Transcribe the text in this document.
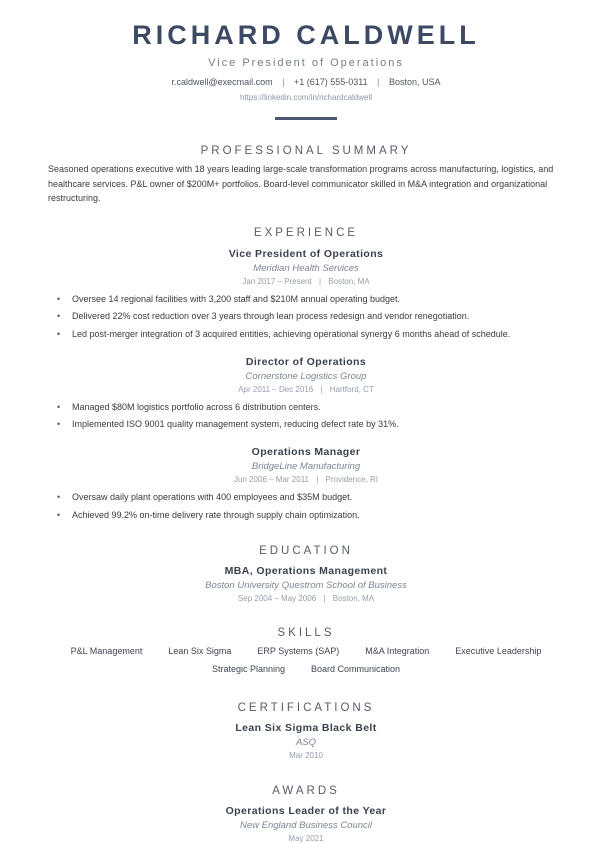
RICHARD CALDWELL
Vice President of Operations
r.caldwell@execmail.com | +1 (617) 555-0311 | Boston, USA
https://linkedin.com/in/richardcaldwell
PROFESSIONAL SUMMARY

Seasoned operations executive with 18 years leading large-scale transformation programs across manufacturing, logistics, and healthcare services. P&L owner of $200M+ portfolios. Board-level communicator skilled in M&A integration and organizational restructuring.

EXPERIENCE
Vice President of Operations
Meridian Health Services
Jan 2017 – Present | Boston, MA
• Oversee 14 regional facilities with 3,200 staff and $210M annual operating budget.
• Delivered 22% cost reduction over 3 years through lean process redesign and vendor renegotiation.
• Led post-merger integration of 3 acquired entities, achieving operational synergy 6 months ahead of schedule.
Director of Operations
Cornerstone Logistics Group
Apr 2011 – Dec 2016 | Hartford, CT
• Managed $80M logistics portfolio across 6 distribution centers.
• Implemented ISO 9001 quality management system, reducing defect rate by 31%.
Operations Manager
BridgeLine Manufacturing
Jun 2006 – Mar 2011 | Providence, RI
• Oversaw daily plant operations with 400 employees and $35M budget.
• Achieved 99.2% on-time delivery rate through supply chain optimization.
EDUCATION
MBA, Operations Management
Boston University Questrom School of Business
Sep 2004 – May 2006 | Boston, MA
SKILLS
P&L Management	Lean Six Sigma	ERP Systems (SAP)	M&A Integration	Executive Leadership
Strategic Planning	Board Communication
CERTIFICATIONS
Lean Six Sigma Black Belt
ASQ
Mar 2010
AWARDS
Operations Leader of the Year
New England Business Council
May 2021
